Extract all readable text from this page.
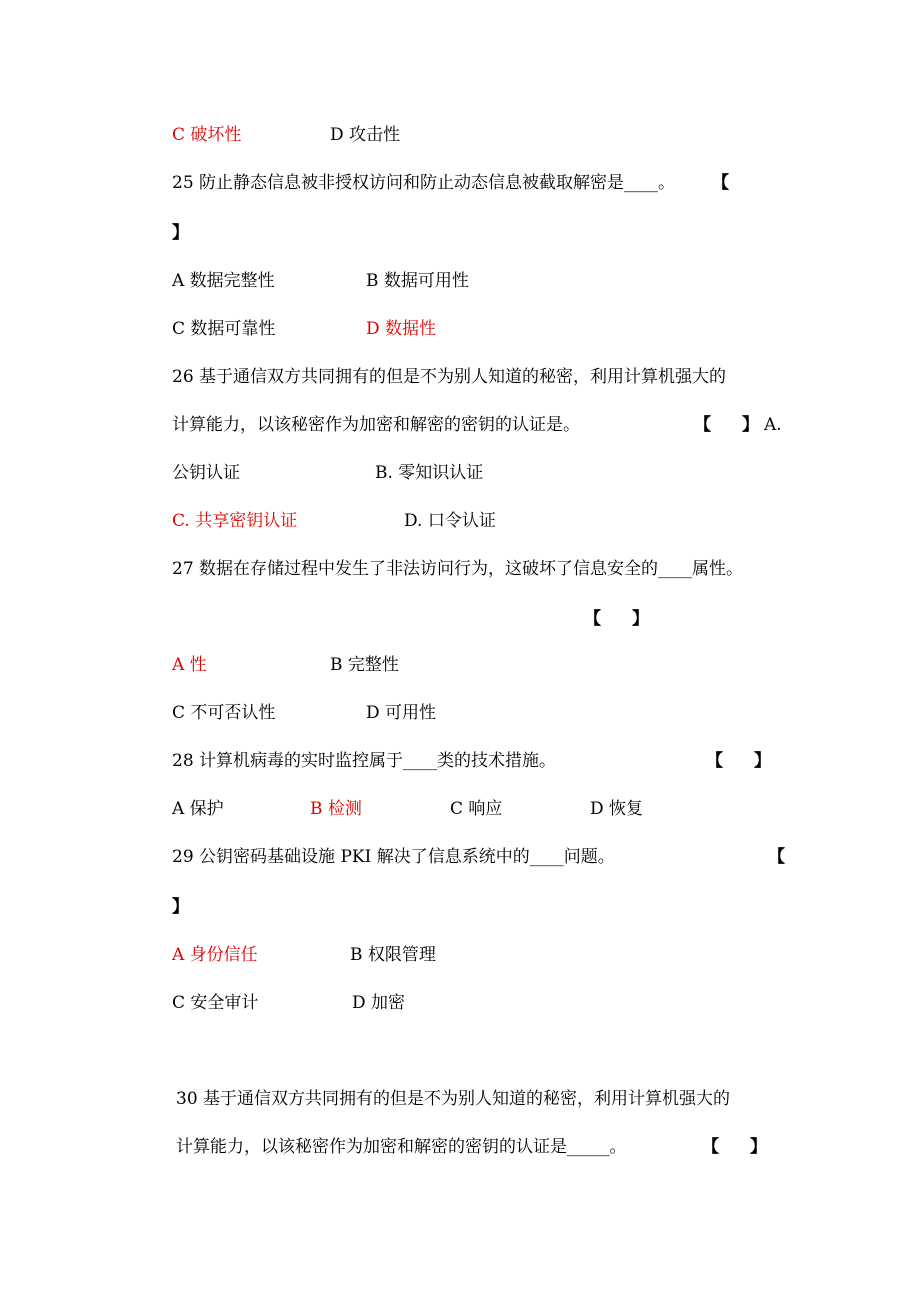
C 破坏性	D 攻击性
25 防止静态信息被非授权访问和防止动态信息被截取解密是____。 【
】
A 数据完整性	B 数据可用性
C 数据可靠性	D 数据性
26 基于通信双方共同拥有的但是不为别人知道的秘密，利用计算机强大的
计算能力，以该秘密作为加密和解密的密钥的认证是。	【 】 A.
公钥认证	B. 零知识认证
C. 共享密钥认证	D. 口令认证
27 数据在存储过程中发生了非法访问行为，这破坏了信息安全的____属性。
【 】
A 性	B 完整性
C 不可否认性	D 可用性
28 计算机病毒的实时监控属于____类的技术措施。	【 】
A 保护	B 检测	C 响应	D 恢复
29 公钥密码基础设施 PKI 解决了信息系统中的____问题。	【
】
A 身份信任	B 权限管理
C 安全审计	D 加密
30 基于通信双方共同拥有的但是不为别人知道的秘密，利用计算机强大的
计算能力，以该秘密作为加密和解密的密钥的认证是_____。	【 】
